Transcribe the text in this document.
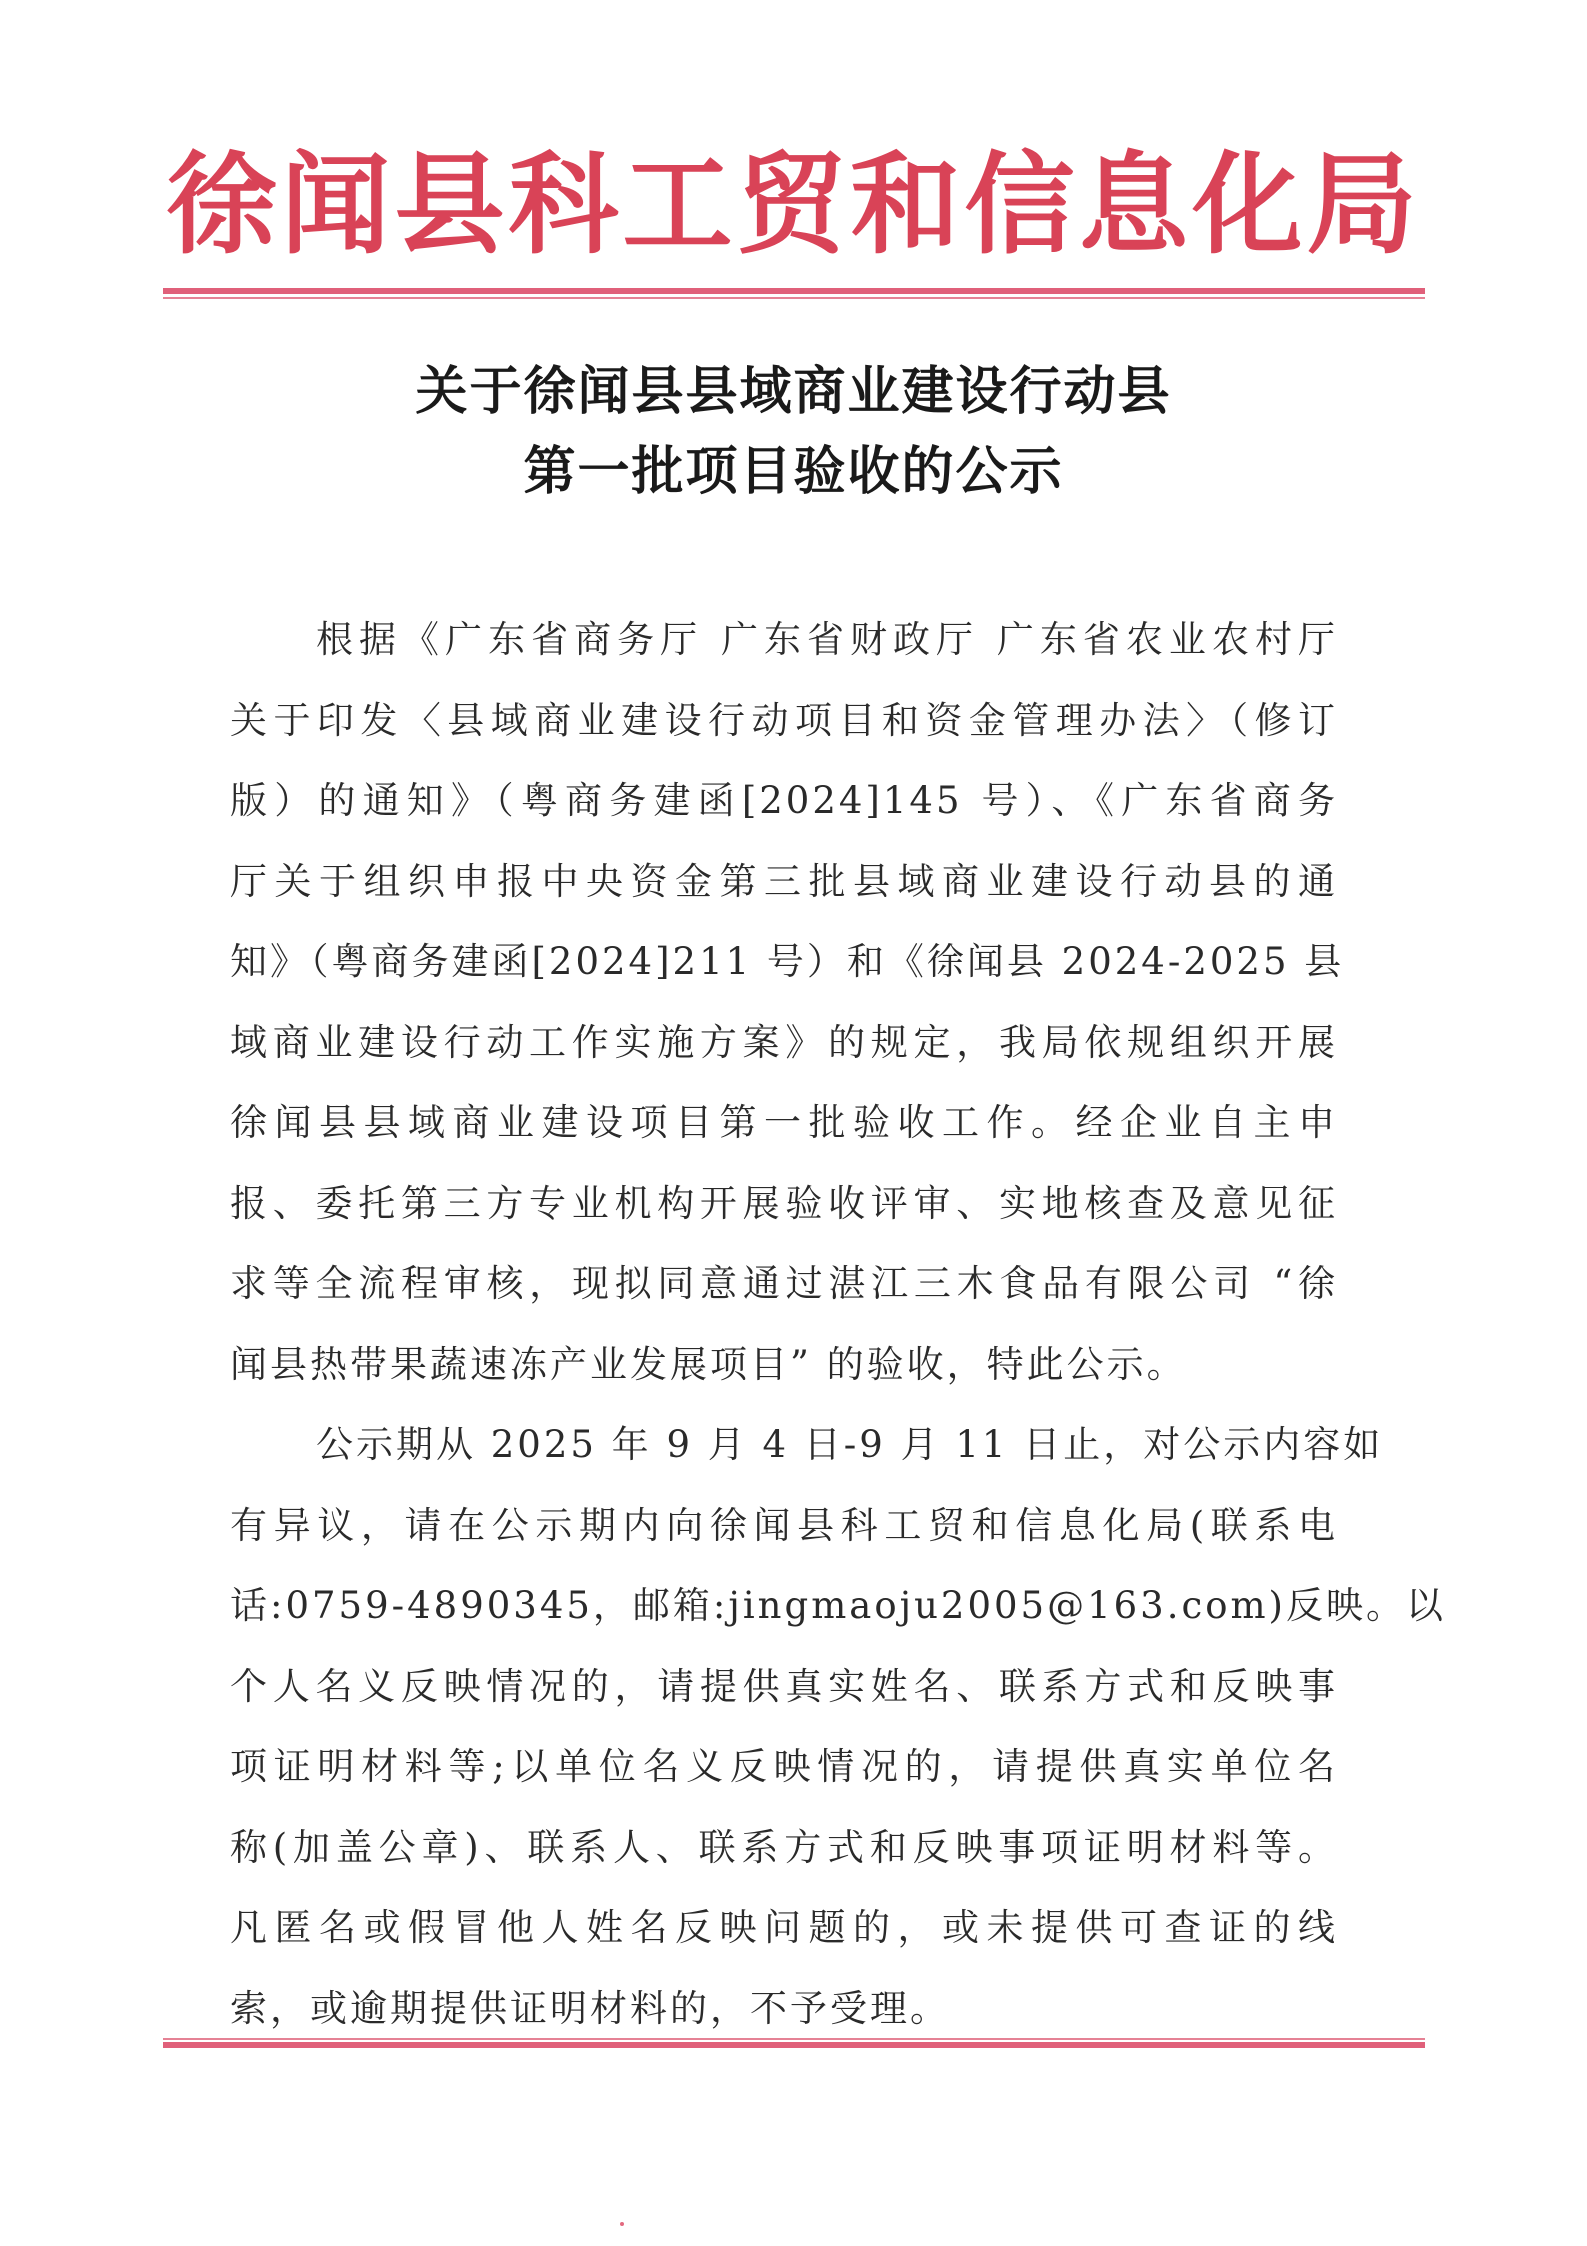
徐闻县科工贸和信息化局
关于徐闻县县域商业建设行动县
第一批项目验收的公示
根据《广东省商务厅 广东省财政厅 广东省农业农村厅
关于印发〈县域商业建设行动项目和资金管理办法〉（修订
版）的通知》（粤商务建函[2024]145 号）、《广东省商务
厅关于组织申报中央资金第三批县域商业建设行动县的通
知》（粤商务建函[2024]211 号）和《徐闻县 2024-2025 县
域商业建设行动工作实施方案》的规定，我局依规组织开展
徐闻县县域商业建设项目第一批验收工作。经企业自主申
报、委托第三方专业机构开展验收评审、实地核查及意见征
求等全流程审核，现拟同意通过湛江三木食品有限公司 “徐
闻县热带果蔬速冻产业发展项目” 的验收，特此公示。
公示期从 2025 年 9 月 4 日-9 月 11 日止，对公示内容如
有异议，请在公示期内向徐闻县科工贸和信息化局(联系电
话:0759-4890345，邮箱:jingmaoju2005@163.com)反映。以
个人名义反映情况的，请提供真实姓名、联系方式和反映事
项证明材料等;以单位名义反映情况的，请提供真实单位名
称(加盖公章)、联系人、联系方式和反映事项证明材料等。
凡匿名或假冒他人姓名反映问题的，或未提供可查证的线
索，或逾期提供证明材料的，不予受理。
